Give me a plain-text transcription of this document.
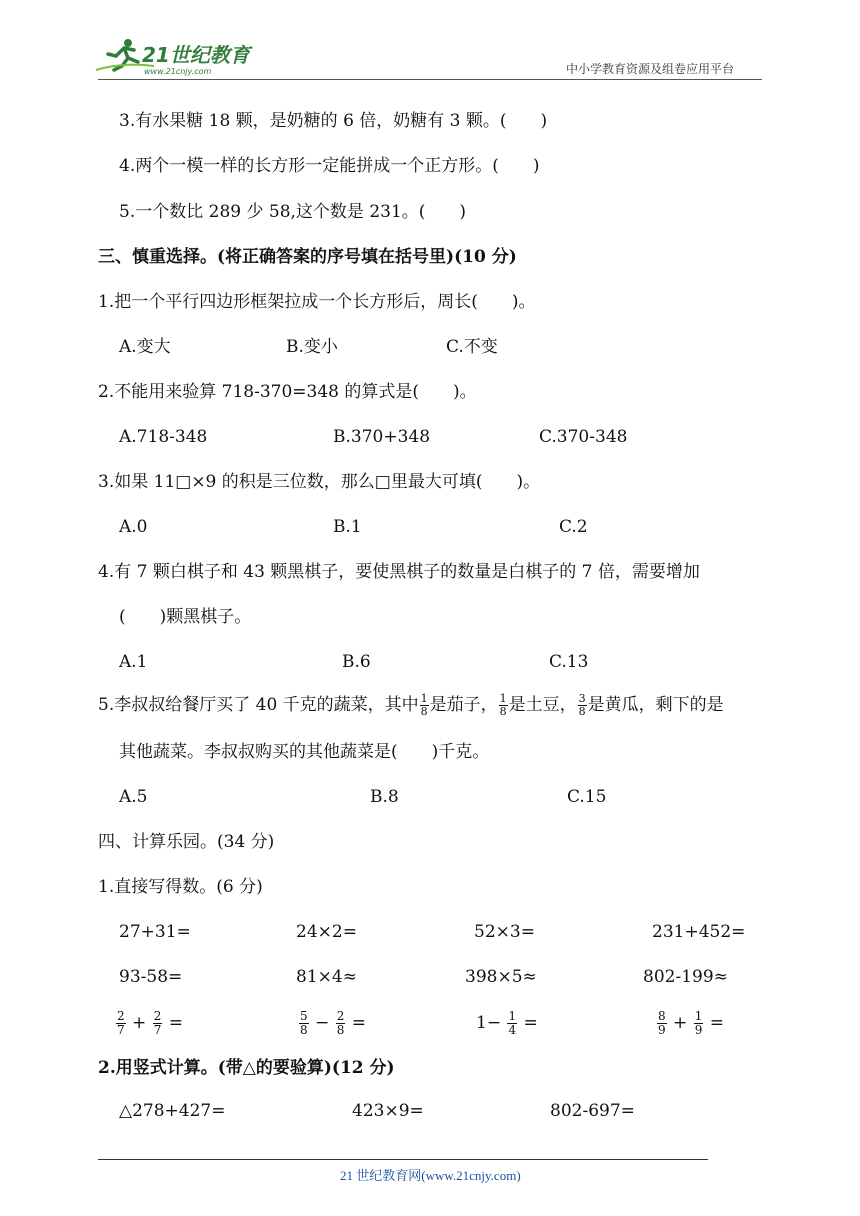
21世纪教育
www.21cnjy.com	中小学教育资源及组卷应用平台
3.有水果糖 18 颗，是奶糖的 6 倍，奶糖有 3 颗。(　　)
4.两个一模一样的长方形一定能拼成一个正方形。(　　)
5.一个数比 289 少 58,这个数是 231。(　　)
三、慎重选择。(将正确答案的序号填在括号里)(10 分)
1.把一个平行四边形框架拉成一个长方形后，周长(　　)。
A.变大	B.变小	C.不变
2.不能用来验算 718-370=348 的算式是(　　)。
A.718-348	B.370+348	C.370-348
3.如果 11□×9 的积是三位数，那么□里最大可填(　　)。
A.0	B.1	C.2
4.有 7 颗白棋子和 43 颗黑棋子，要使黑棋子的数量是白棋子的 7 倍，需要增加
(　　)颗黑棋子。
A.1	B.6	C.13
5.李叔叔给餐厅买了 40 千克的蔬菜，其中 $\frac{1}{8}$ 是茄子， $\frac{1}{8}$ 是土豆， $\frac{3}{8}$ 是黄瓜，剩下的是
其他蔬菜。李叔叔购买的其他蔬菜是(　　)千克。
A.5	B.8	C.15
四、计算乐园。(34 分)
1.直接写得数。(6 分)
27+31=	24×2=	52×3=	231+452=
93-58=	81×4≈	398×5≈	802-199≈
$\frac{2}{7} + \frac{2}{7}$ =	$\frac{5}{8} - \frac{2}{8}$ =	$1- \frac{1}{4}$ =	$\frac{8}{9} + \frac{1}{9}$ =
2.用竖式计算。(带△的要验算)(12 分)
△278+427=	423×9=	802-697=
21 世纪教育网(www.21cnjy.com)
